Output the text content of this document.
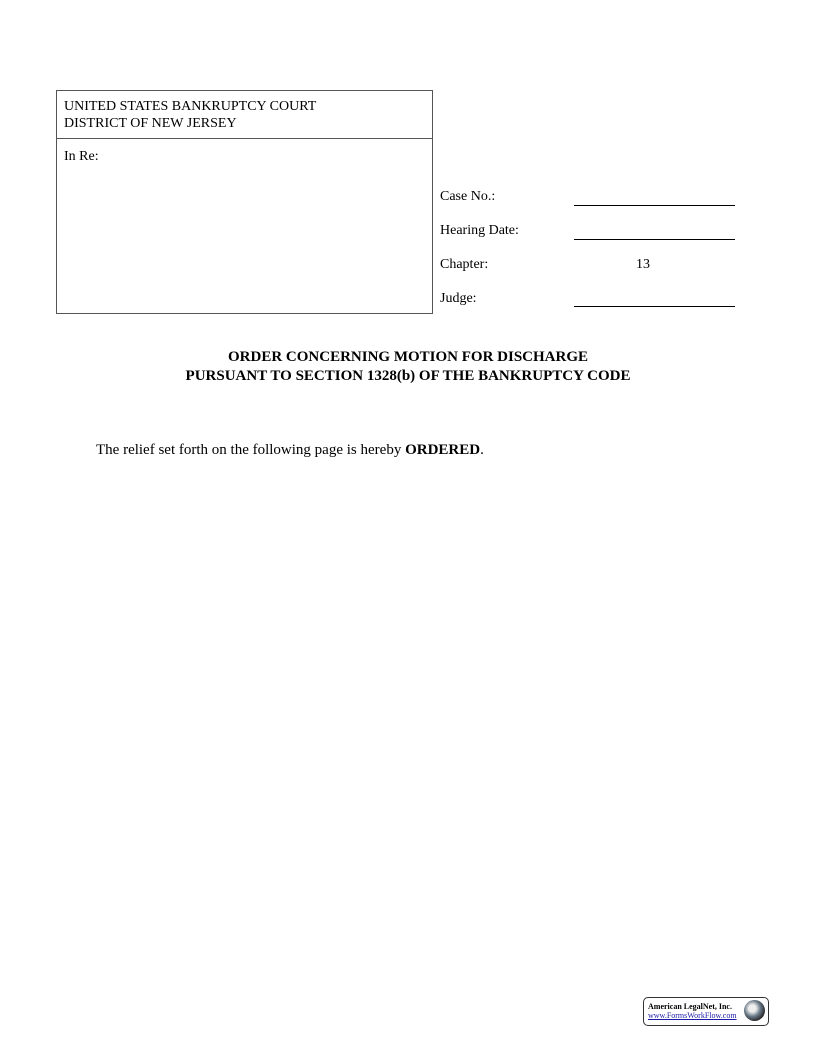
UNITED STATES BANKRUPTCY COURT
DISTRICT OF NEW JERSEY
In Re:
Case No.:
Hearing Date:
Chapter:	13
Judge:
ORDER CONCERNING MOTION FOR DISCHARGE
PURSUANT TO SECTION 1328(b) OF THE BANKRUPTCY CODE
The relief set forth on the following page is hereby ORDERED.
American LegalNet, Inc.
www.FormsWorkFlow.com
